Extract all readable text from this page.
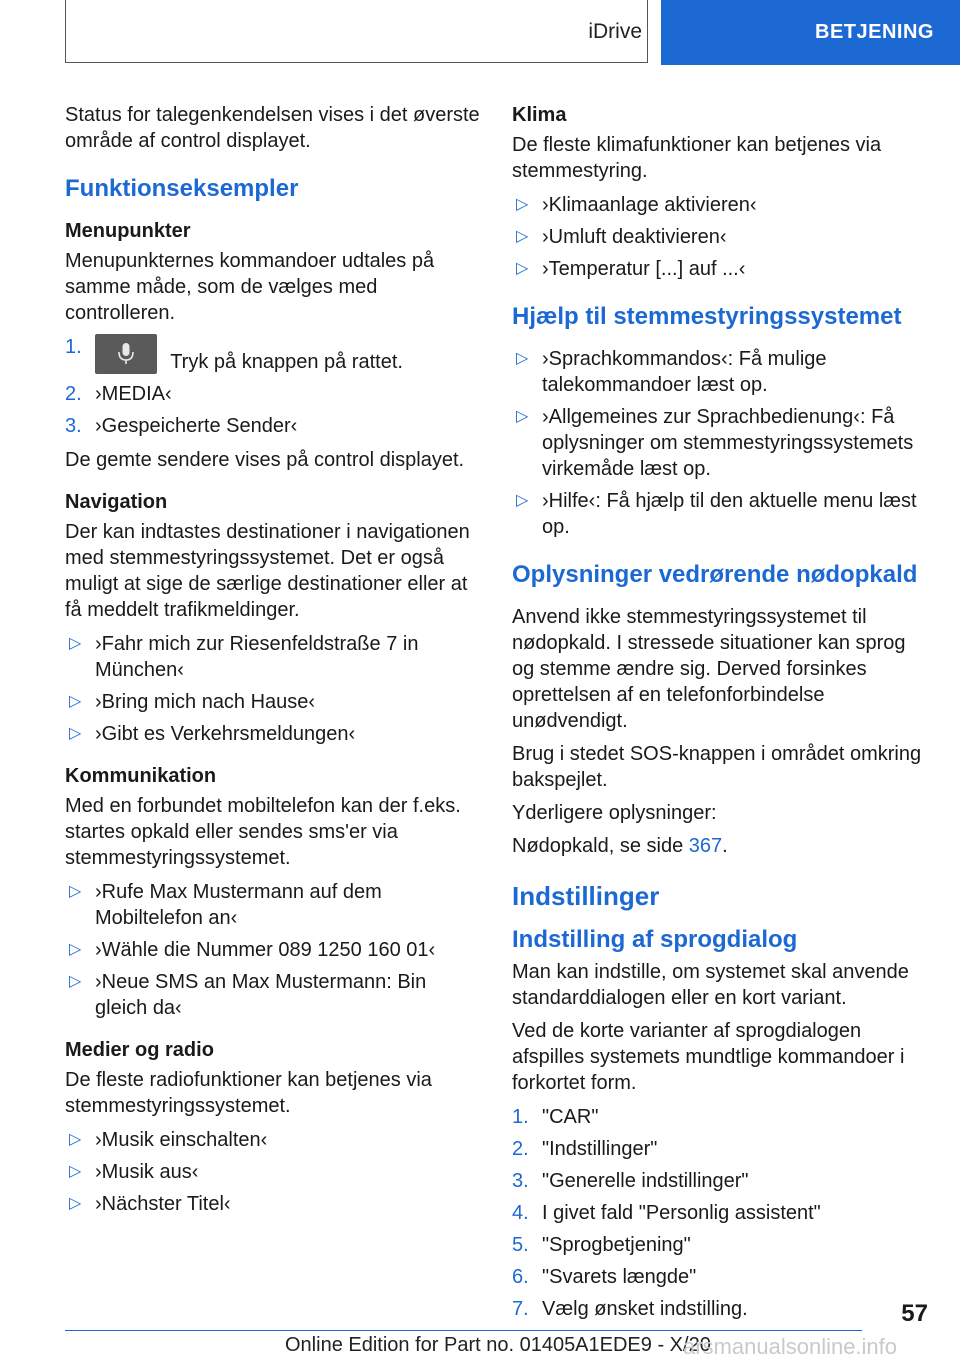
iDrive	BETJENING

Status for talegenkendelsen vises i det øverste område af control displayet.

Funktionseksempler
Menupunkter

Menupunkternes kommandoer udtales på samme måde, som de vælges med controlleren.

1.
Tryk på knappen på rattet.
2. ›MEDIA‹
3. ›Gespeicherte Sender‹

De gemte sendere vises på control displayet.

Navigation

Der kan indtastes destinationer i navigationen med stemmestyringssystemet. Det er også muligt at sige de særlige destinationer eller at få meddelt trafikmeldinger.

▷ ›Fahr mich zur Riesenfeldstraße 7 in München‹
▷ ›Bring mich nach Hause‹
▷ ›Gibt es Verkehrsmeldungen‹
Kommunikation

Med en forbundet mobiltelefon kan der f.eks. startes opkald eller sendes sms'er via stemmestyringssystemet.

▷ ›Rufe Max Mustermann auf dem Mobiltelefon an‹
▷ ›Wähle die Nummer 089 1250 160 01‹
▷ ›Neue SMS an Max Mustermann: Bin gleich da‹
Medier og radio

De fleste radiofunktioner kan betjenes via stemmestyringssystemet.

▷ ›Musik einschalten‹
▷ ›Musik aus‹
▷ ›Nächster Titel‹
Klima

De fleste klimafunktioner kan betjenes via stemmestyring.

▷ ›Klimaanlage aktivieren‹
▷ ›Umluft deaktivieren‹
▷ ›Temperatur [...] auf ...‹
Hjælp til stemmestyringssystemet
▷ ›Sprachkommandos‹: Få mulige talekommandoer læst op.
▷ ›Allgemeines zur Sprachbedienung‹: Få oplysninger om stemmestyringssystemets virkemåde læst op.
▷ ›Hilfe‹: Få hjælp til den aktuelle menu læst op.
Oplysninger vedrørende nødopkald

Anvend ikke stemmestyringssystemet til nødopkald. I stressede situationer kan sprog og stemme ændre sig. Derved forsinkes oprettelsen af en telefonforbindelse unødvendigt.

Brug i stedet SOS-knappen i området omkring bakspejlet.

Yderligere oplysninger:

Nødopkald, se side 367.

Indstillinger
Indstilling af sprogdialog

Man kan indstille, om systemet skal anvende standarddialogen eller en kort variant.

Ved de korte varianter af sprogdialogen afspilles systemets mundtlige kommandoer i forkortet form.

1. "CAR"
2. "Indstillinger"
3. "Generelle indstillinger"
4. I givet fald "Personlig assistent"
5. "Sprogbetjening"
6. "Svarets længde"
7. Vælg ønsket indstilling.	57
Online Edition for Part no. 01405A1EDE9 - X/20
arsmanualsonline.info
